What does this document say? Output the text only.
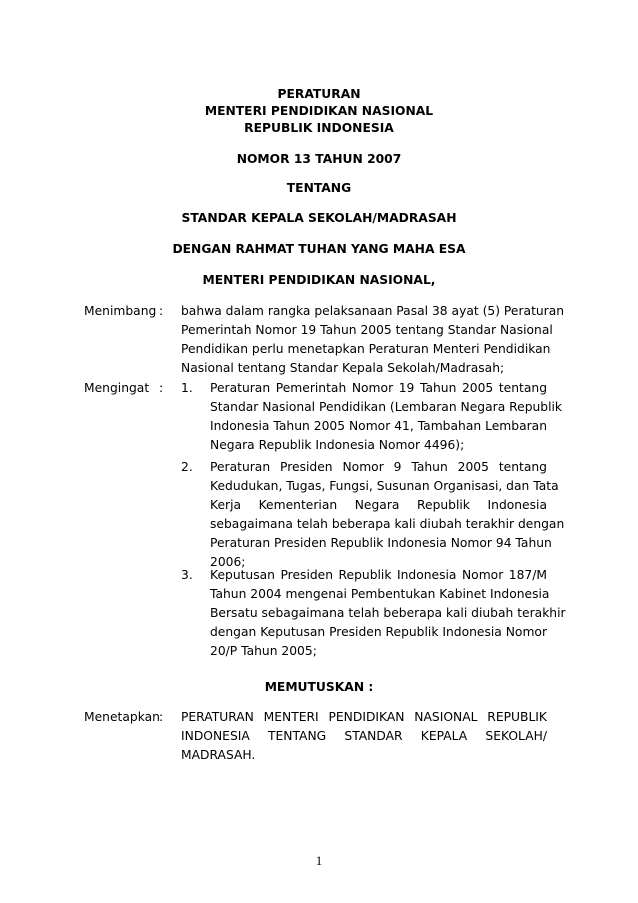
PERATURAN
MENTERI PENDIDIKAN NASIONAL
REPUBLIK INDONESIA
NOMOR 13 TAHUN 2007
TENTANG
STANDAR KEPALA SEKOLAH/MADRASAH
DENGAN RAHMAT TUHAN YANG MAHA ESA
MENTERI PENDIDIKAN NASIONAL,
Menimbang : bahwa dalam rangka pelaksanaan Pasal 38 ayat (5) Peraturan
Pemerintah Nomor 19 Tahun 2005 tentang Standar Nasional
Pendidikan perlu menetapkan Peraturan Menteri Pendidikan
Nasional tentang Standar Kepala Sekolah/Madrasah;
Mengingat : 1. Peraturan Pemerintah Nomor 19 Tahun 2005 tentang
Standar Nasional Pendidikan (Lembaran Negara Republik
Indonesia Tahun 2005 Nomor 41, Tambahan Lembaran
Negara Republik Indonesia Nomor 4496);
2. Peraturan Presiden Nomor 9 Tahun 2005 tentang
Kedudukan, Tugas, Fungsi, Susunan Organisasi, dan Tata
Kerja Kementerian Negara Republik Indonesia
sebagaimana telah beberapa kali diubah terakhir dengan
Peraturan Presiden Republik Indonesia Nomor 94 Tahun
2006;
3. Keputusan Presiden Republik Indonesia Nomor 187/M
Tahun 2004 mengenai Pembentukan Kabinet Indonesia
Bersatu sebagaimana telah beberapa kali diubah terakhir
dengan Keputusan Presiden Republik Indonesia Nomor
20/P Tahun 2005;
MEMUTUSKAN :
Menetapkan : PERATURAN MENTERI PENDIDIKAN NASIONAL REPUBLIK
INDONESIA TENTANG STANDAR KEPALA SEKOLAH/
MADRASAH.
1
